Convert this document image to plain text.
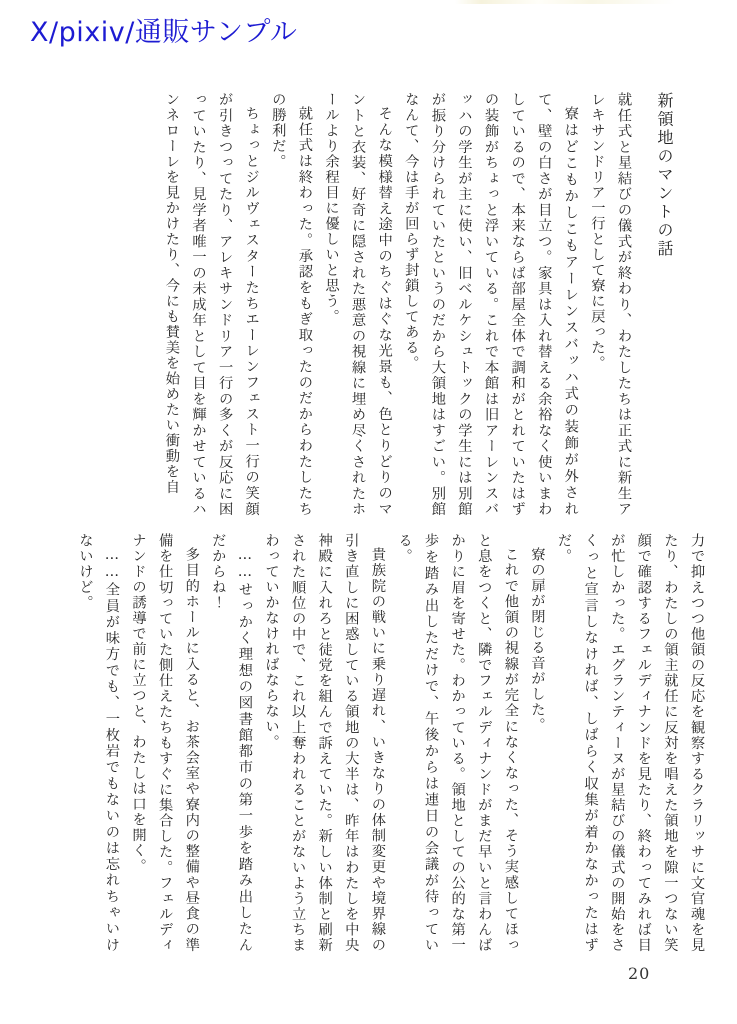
X/pixiv/通販サンプル
新領地のマントの話

就任式と星結びの儀式が終わり、わたしたちは正式に新生アレキサンドリア一行として寮に戻った。

寮はどこもかしこもアーレンスバッハ式の装飾が外されて、壁の白さが目立つ。家具は入れ替える余裕なく使いまわしているので、本来ならば部屋全体で調和がとれていたはずの装飾がちょっと浮いている。これで本館は旧アーレンスバッハの学生が主に使い、旧ベルケシュトックの学生には別館が振り分けられていたというのだから大領地はすごい。別館なんて、今は手が回らず封鎖してある。

そんな模様替え途中のちぐはぐな光景も、色とりどりのマントと衣装、好奇に隠された悪意の視線に埋め尽くされたホールより余程目に優しいと思う。

就任式は終わった。承認をもぎ取ったのだからわたしたちの勝利だ。

ちょっとジルヴェスターたちエーレンフェスト一行の笑顔が引きつってたり、アレキサンドリア一行の多くが反応に困っていたり、見学者唯一の未成年として目を輝かせているハンネローレを見かけたり、今にも賛美を始めたい衝動を自

力で抑えつつ他領の反応を観察するクラリッサに文官魂を見たり、わたしの領主就任に反対を唱えた領地を隙一つない笑顔で確認するフェルディナンドを見たり、終わってみれば目が忙しかった。エグランティーヌが星結びの儀式の開始をさくっと宣言しなければ、しばらく収集が着かなかったはずだ。

寮の扉が閉じる音がした。

これで他領の視線が完全になくなった、そう実感してほっと息をつくと、隣でフェルディナンドがまだ早いと言わんばかりに眉を寄せた。わかっている。領地としての公的な第一歩を踏み出しただけで、午後からは連日の会議が待っている。

貴族院の戦いに乗り遅れ、いきなりの体制変更や境界線の引き直しに困惑している領地の大半は、昨年はわたしを中央神殿に入れろと徒党を組んで訴えていた。新しい体制と刷新された順位の中で、これ以上奪われることがないよう立ちまわっていかなければならない。

……せっかく理想の図書館都市の第一歩を踏み出したんだからね！

多目的ホールに入ると、お茶会室や寮内の整備や昼食の準備を仕切っていた側仕えたちもすぐに集合した。フェルディナンドの誘導で前に立つと、わたしは口を開く。

……全員が味方でも、一枚岩でもないのは忘れちゃいけないけど。

20
